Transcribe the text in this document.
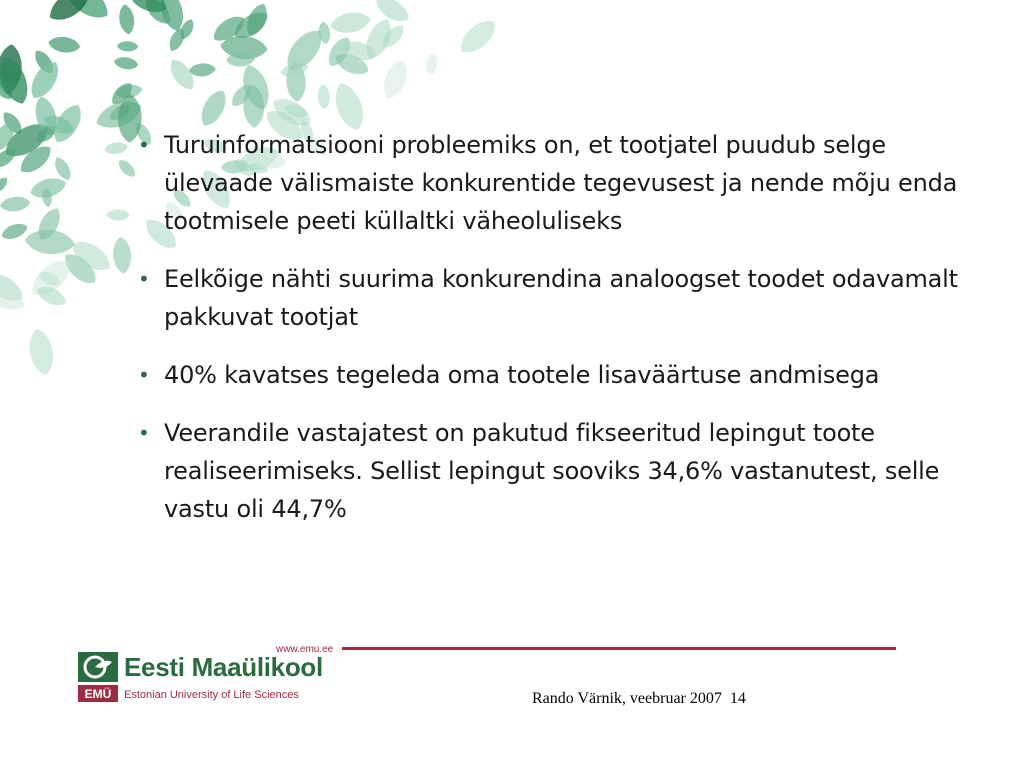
• Turuinformatsiooni probleemiks on, et tootjatel puudub selge ülevaade välismaiste konkurentide tegevusest ja nende mõju enda tootmisele peeti küllaltki väheoluliseks
• Eelkõige nähti suurima konkurendina analoogset toodet odavamalt pakkuvat tootjat
• 40% kavatses tegeleda oma tootele lisaväärtuse andmisega
• Veerandile vastajatest on pakutud fikseeritud lepingut toote realiseerimiseks. Sellist lepingut sooviks 34,6% vastanutest, selle vastu oli 44,7%
www.emu.ee
EMÜ
Eesti Maaülikool
Estonian University of Life Sciences	Rando Värnik, veebruar 2007 14
